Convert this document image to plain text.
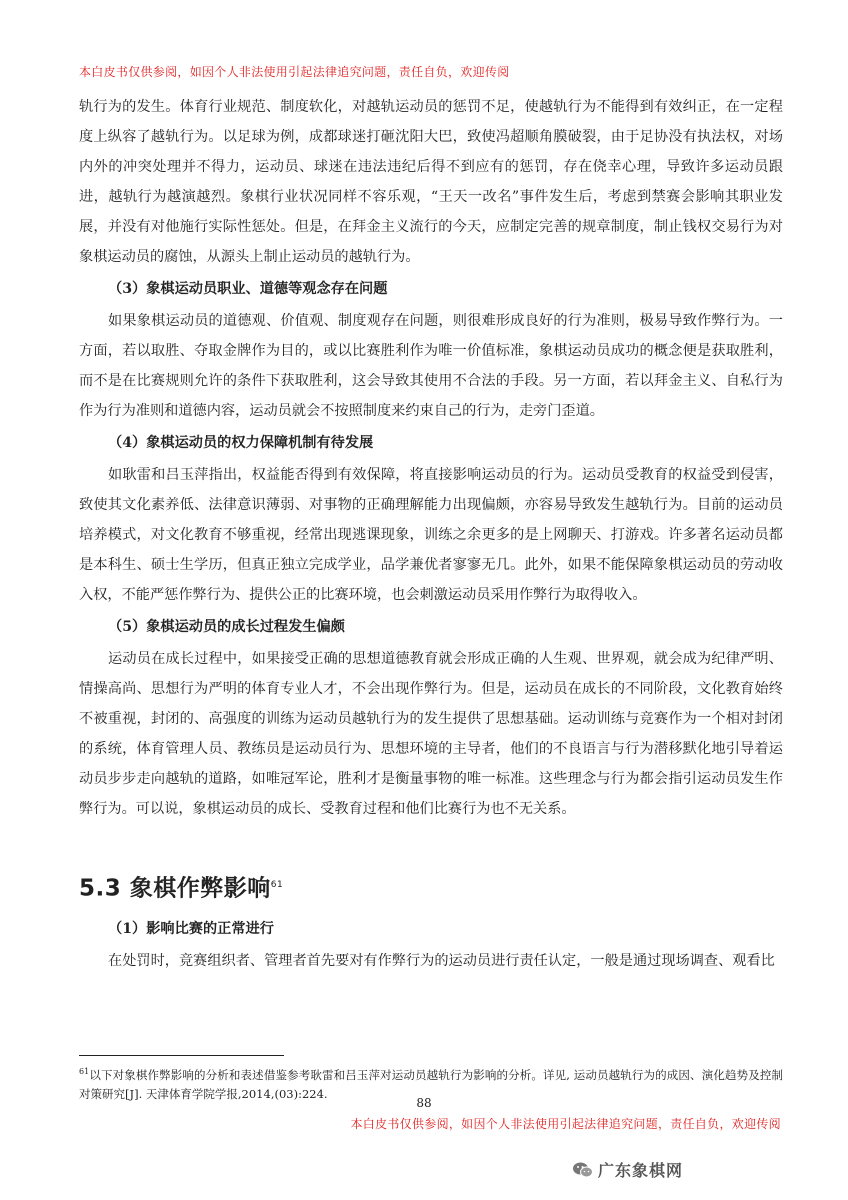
本白皮书仅供参阅，如因个人非法使用引起法律追究问题，责任自负，欢迎传阅

轨行为的发生。体育行业规范、制度软化，对越轨运动员的惩罚不足，使越轨行为不能得到有效纠正，在一定程度上纵容了越轨行为。以足球为例，成都球迷打砸沈阳大巴，致使冯超顺角膜破裂，由于足协没有执法权，对场内外的冲突处理并不得力，运动员、球迷在违法违纪后得不到应有的惩罚，存在侥幸心理，导致许多运动员跟进，越轨行为越演越烈。象棋行业状况同样不容乐观，“王天一改名”事件发生后，考虑到禁赛会影响其职业发展，并没有对他施行实际性惩处。但是，在拜金主义流行的今天，应制定完善的规章制度，制止钱权交易行为对象棋运动员的腐蚀，从源头上制止运动员的越轨行为。

（3）象棋运动员职业、道德等观念存在问题

如果象棋运动员的道德观、价值观、制度观存在问题，则很难形成良好的行为准则，极易导致作弊行为。一方面，若以取胜、夺取金牌作为目的，或以比赛胜利作为唯一价值标准，象棋运动员成功的概念便是获取胜利，而不是在比赛规则允许的条件下获取胜利，这会导致其使用不合法的手段。另一方面，若以拜金主义、自私行为作为行为准则和道德内容，运动员就会不按照制度来约束自己的行为，走旁门歪道。

（4）象棋运动员的权力保障机制有待发展

如耿雷和吕玉萍指出，权益能否得到有效保障，将直接影响运动员的行为。运动员受教育的权益受到侵害，致使其文化素养低、法律意识薄弱、对事物的正确理解能力出现偏颇，亦容易导致发生越轨行为。目前的运动员培养模式，对文化教育不够重视，经常出现逃课现象，训练之余更多的是上网聊天、打游戏。许多著名运动员都是本科生、硕士生学历，但真正独立完成学业，品学兼优者寥寥无几。此外，如果不能保障象棋运动员的劳动收入权，不能严惩作弊行为、提供公正的比赛环境，也会刺激运动员采用作弊行为取得收入。

（5）象棋运动员的成长过程发生偏颇

运动员在成长过程中，如果接受正确的思想道德教育就会形成正确的人生观、世界观，就会成为纪律严明、情操高尚、思想行为严明的体育专业人才，不会出现作弊行为。但是，运动员在成长的不同阶段，文化教育始终不被重视，封闭的、高强度的训练为运动员越轨行为的发生提供了思想基础。运动训练与竞赛作为一个相对封闭的系统，体育管理人员、教练员是运动员行为、思想环境的主导者，他们的不良语言与行为潜移默化地引导着运动员步步走向越轨的道路，如唯冠军论，胜利才是衡量事物的唯一标准。这些理念与行为都会指引运动员发生作弊行为。可以说，象棋运动员的成长、受教育过程和他们比赛行为也不无关系。

5.3 象棋作弊影响$^{61}$
（1）影响比赛的正常进行

在处罚时，竞赛组织者、管理者首先要对有作弊行为的运动员进行责任认定，一般是通过现场调查、观看比

$^{61}$以下对象棋作弊影响的分析和表述借鉴参考耿雷和吕玉萍对运动员越轨行为影响的分析。详见, 运动员越轨行为的成因、演化趋势及控制对策研究[J]. 天津体育学院学报,2014,(03):224.
88
本白皮书仅供参阅，如因个人非法使用引起法律追究问题，责任自负，欢迎传阅
广东象棋网
